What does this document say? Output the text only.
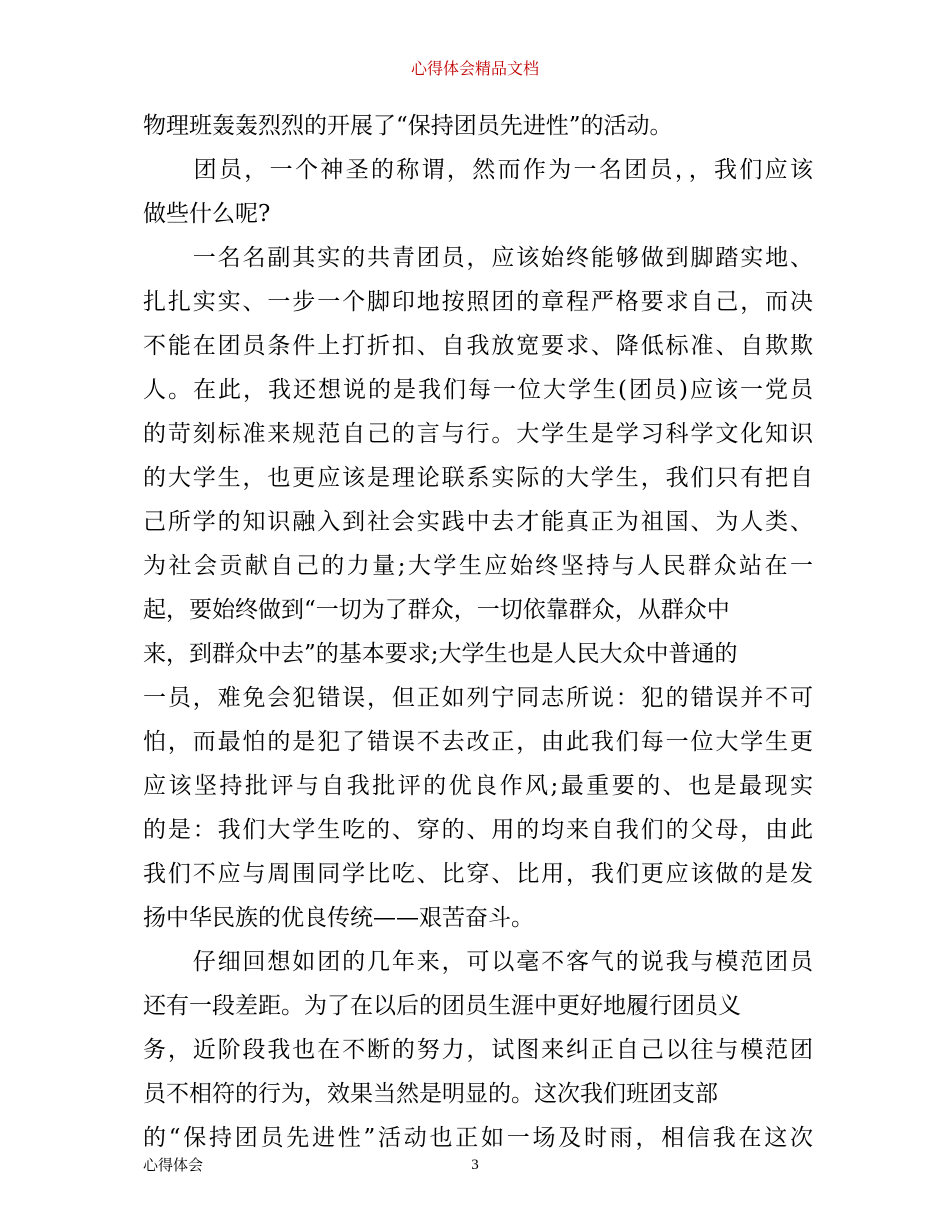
心得体会精品文档
物理班轰轰烈烈的开展了“保持团员先进性”的活动。
　　团员，一个神圣的称谓，然而作为一名团员，，我们应该
做些什么呢?
　　一名名副其实的共青团员，应该始终能够做到脚踏实地、
扎扎实实、一步一个脚印地按照团的章程严格要求自己，而决
不能在团员条件上打折扣、自我放宽要求、降低标准、自欺欺
人。在此，我还想说的是我们每一位大学生(团员)应该一党员
的苛刻标准来规范自己的言与行。大学生是学习科学文化知识
的大学生，也更应该是理论联系实际的大学生，我们只有把自
己所学的知识融入到社会实践中去才能真正为祖国、为人类、
为社会贡献自己的力量;大学生应始终坚持与人民群众站在一
起，要始终做到“一切为了群众，一切依靠群众，从群众中
来，到群众中去”的基本要求;大学生也是人民大众中普通的
一员，难免会犯错误，但正如列宁同志所说：犯的错误并不可
怕，而最怕的是犯了错误不去改正，由此我们每一位大学生更
应该坚持批评与自我批评的优良作风;最重要的、也是最现实
的是：我们大学生吃的、穿的、用的均来自我们的父母，由此
我们不应与周围同学比吃、比穿、比用，我们更应该做的是发
扬中华民族的优良传统——艰苦奋斗。
　　仔细回想如团的几年来，可以毫不客气的说我与模范团员
还有一段差距。为了在以后的团员生涯中更好地履行团员义
务，近阶段我也在不断的努力，试图来纠正自己以往与模范团
员不相符的行为，效果当然是明显的。这次我们班团支部
的“保持团员先进性”活动也正如一场及时雨，相信我在这次
心得体会	3
